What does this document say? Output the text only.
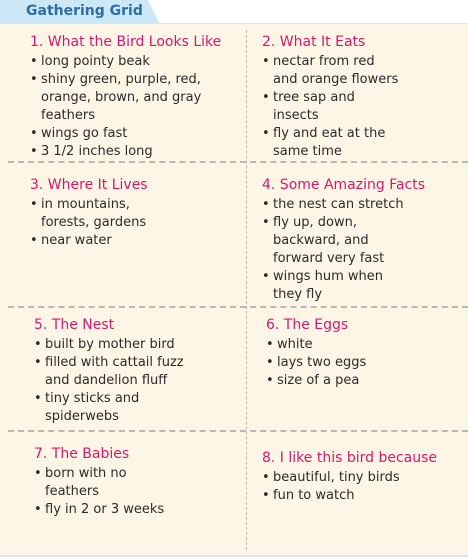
Gathering Grid
1. What the Bird Looks Like
• long pointy beak
• shiny green, purple, red,
orange, brown, and gray
feathers
• wings go fast
• 3 1/2 inches long
2. What It Eats
• nectar from red
and orange flowers
• tree sap and
insects
• fly and eat at the
same time
3. Where It Lives
• in mountains,
forests, gardens
• near water
4. Some Amazing Facts
• the nest can stretch
• fly up, down,
backward, and
forward very fast
• wings hum when
they fly
5. The Nest
• built by mother bird
• filled with cattail fuzz
and dandelion fluff
• tiny sticks and
spiderwebs
6. The Eggs
• white
• lays two eggs
• size of a pea
7. The Babies
• born with no
feathers
• fly in 2 or 3 weeks
8. I like this bird because
• beautiful, tiny birds
• fun to watch
